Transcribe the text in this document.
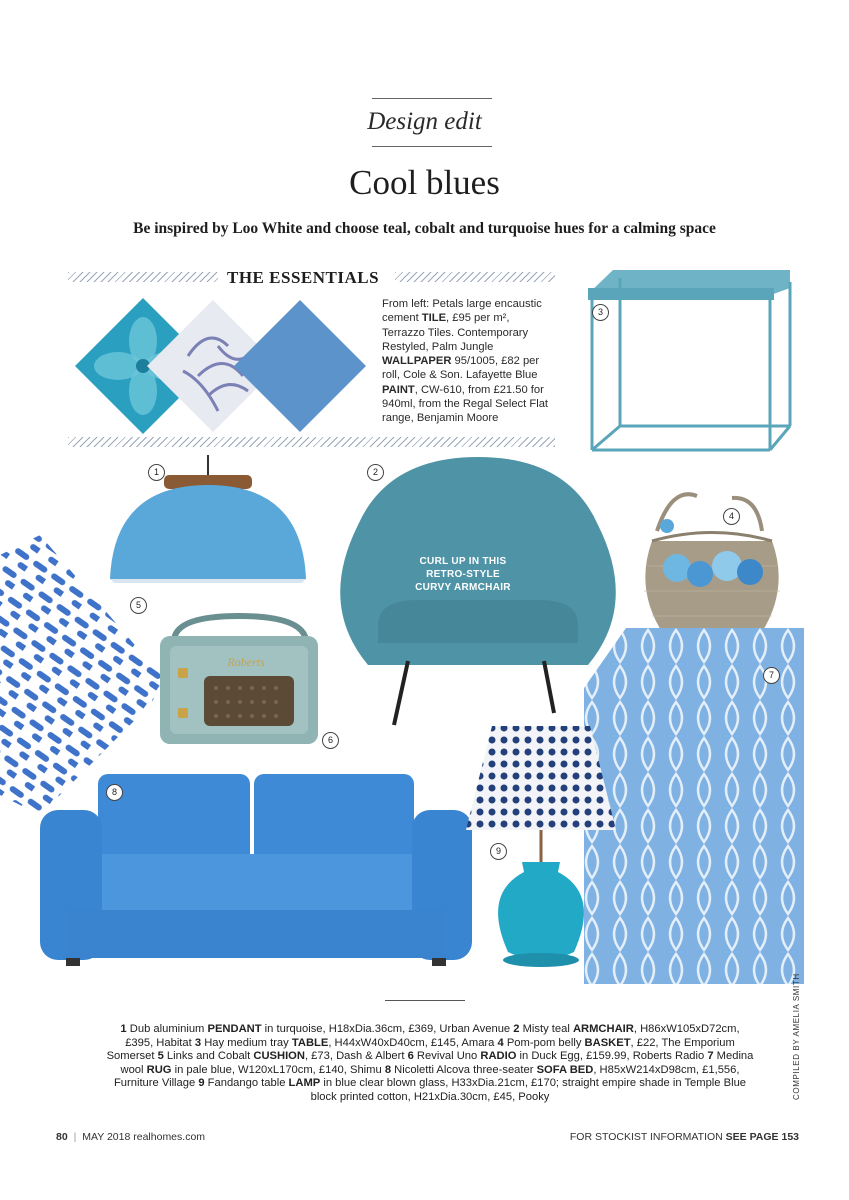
Design edit
Cool blues
Be inspired by Loo White and choose teal, cobalt and turquoise hues for a calming space
THE ESSENTIALS
From left: Petals large encaustic cement TILE, £95 per m², Terrazzo Tiles. Contemporary Restyled, Palm Jungle WALLPAPER 95/1005, £82 per roll, Cole & Son. Lafayette Blue PAINT, CW-610, from £21.50 for 940ml, from the Regal Select Flat range, Benjamin Moore
CURL UP IN THIS
RETRO-STYLE
CURVY ARMCHAIR
Roberts
1	2
3
4
5
6
7
8
9
1 Dub aluminium PENDANT in turquoise, H18xDia.36cm, £369, Urban Avenue 2 Misty teal ARMCHAIR, H86xW105xD72cm, £395, Habitat 3 Hay medium tray TABLE, H44xW40xD40cm, £145, Amara 4 Pom-pom belly BASKET, £22, The Emporium Somerset 5 Links and Cobalt CUSHION, £73, Dash & Albert 6 Revival Uno RADIO in Duck Egg, £159.99, Roberts Radio 7 Medina wool RUG in pale blue, W120xL170cm, £140, Shimu 8 Nicoletti Alcova three-seater SOFA BED, H85xW214xD98cm, £1,556, Furniture Village 9 Fandango table LAMP in blue clear blown glass, H33xDia.21cm, £170; straight empire shade in Temple Blue block printed cotton, H21xDia.30cm, £45, Pooky	COMPILED BY AMELIA SMITH
80 | MAY 2018 realhomes.com	FOR STOCKIST INFORMATION SEE PAGE 153
